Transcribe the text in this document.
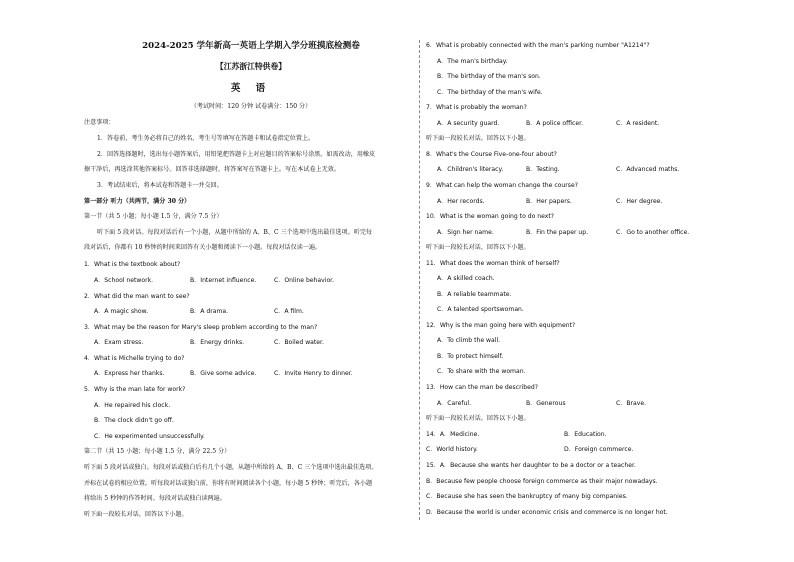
2024-2025 学年新高一英语上学期入学分班摸底检测卷
【江苏浙江特供卷】
英 语
（考试时间：120 分钟 试卷满分：150 分）
注意事项：
1．答卷前，考生务必将自己的姓名、考生号等填写在答题卡和试卷指定位置上。
2．回答选择题时，选出每小题答案后，用铅笔把答题卡上对应题目的答案标号涂黑。如需改动，用橡皮
擦干净后，再选涂其他答案标号。回答非选择题时，将答案写在答题卡上。写在本试卷上无效。
3．考试结束后，将本试卷和答题卡一并交回。
第一部分 听力（共两节，满分 30 分）
第一节（共 5 小题；每小题 1.5 分，满分 7.5 分）
听下面 5 段对话。每段对话后有一个小题，从题中所给的 A、B、C 三个选项中选出最佳选项。听完每
段对话后，你都有 10 秒钟的时间来回答有关小题和阅读下一小题。每段对话仅读一遍。
1．What is the textbook about?
A．School network.	B．Internet influence.	C．Online behavior.
2．What did the man want to see?
A．A magic show.	B．A drama.	C．A film.
3．What may be the reason for Mary's sleep problem according to the man?
A．Exam stress.	B．Energy drinks.	C．Boiled water.
4．What is Michelle trying to do?
A．Express her thanks.	B．Give some advice.	C．Invite Henry to dinner.
5．Why is the man late for work?
A．He repaired his clock.
B．The clock didn't go off.
C．He experimented unsuccessfully.
第二节（共 15 小题；每小题 1.5 分，满分 22.5 分）
听下面 5 段对话或独白。每段对话或独白后有几个小题，从题中所给的 A、B、C 三个选项中选出最佳选项。
并标在试卷的相应位置。听每段对话或独白前，你将有时间阅读各个小题，每小题 5 秒钟；听完后，各小题
将给出 5 秒钟的作答时间。每段对话或独白读两遍。
听下面一段较长对话，回答以下小题。
6．What is probably connected with the man's parking number "A1214"?
A．The man's birthday.
B．The birthday of the man's son.
C．The birthday of the man's wife.
7．What is probably the woman?
A．A security guard.	B．A police officer.	C．A resident.
听下面一段较长对话，回答以下小题。
8．What's the Course Five-one-four about?
A．Children's literacy.	B．Testing.	C．Advanced maths.
9．What can help the woman change the course?
A．Her records.	B．Her papers.	C．Her degree.
10．What is the woman going to do next?
A．Sign her name.	B．Fin the paper up.	C．Go to another office.
听下面一段较长对话，回答以下小题。
11．What does the woman think of herself?
A．A skilled coach.
B．A reliable teammate.
C．A talented sportswoman.
12．Why is the man going here with equipment?
A．To climb the wall.
B．To protect himself.
C．To share with the woman.
13．How can the man be described?
A．Careful.	B．Generous	C．Brave.
听下面一段较长对话，回答以下小题。
14．A．Medicine.	B．Education.
C．World history.	D．Foreign commerce.
15．A．Because she wants her daughter to be a doctor or a teacher.
B．Because few people choose foreign commerce as their major nowadays.
C．Because she has seen the bankruptcy of many big companies.
D．Because the world is under economic crisis and commerce is no longer hot.
